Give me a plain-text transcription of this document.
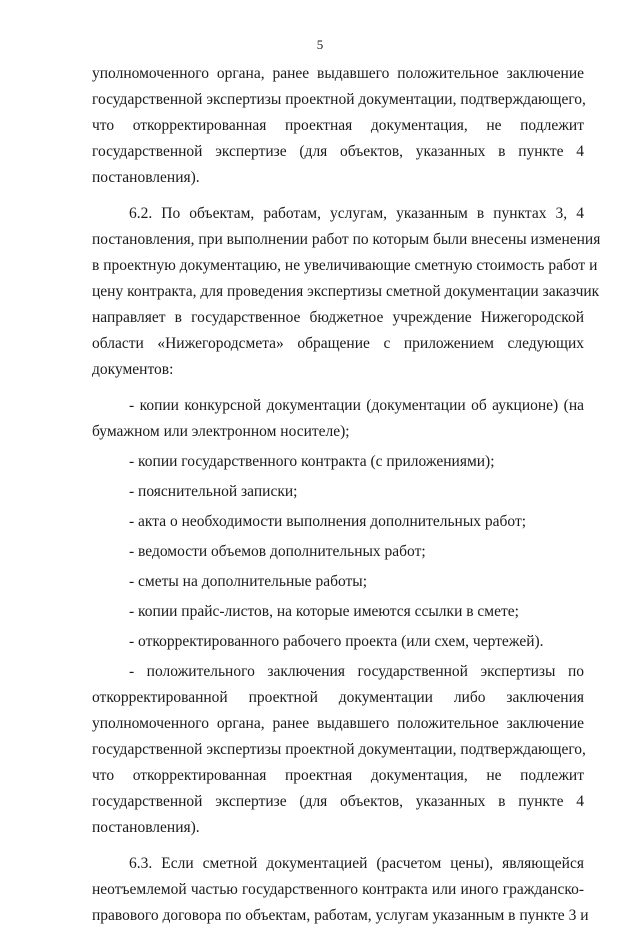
5
уполномоченного органа, ранее выдавшего положительное заключение
государственной экспертизы проектной документации, подтверждающего,
что откорректированная проектная документация, не подлежит
государственной экспертизе (для объектов, указанных в пункте 4
постановления).
6.2. По объектам, работам, услугам, указанным в пунктах 3, 4
постановления, при выполнении работ по которым были внесены изменения
в проектную документацию, не увеличивающие сметную стоимость работ и
цену контракта, для проведения экспертизы сметной документации заказчик
направляет в государственное бюджетное учреждение Нижегородской
области «Нижегородсмета» обращение с приложением следующих
документов:
- копии конкурсной документации (документации об аукционе) (на
бумажном или электронном носителе);
- копии государственного контракта (с приложениями);
- пояснительной записки;
- акта о необходимости выполнения дополнительных работ;
- ведомости объемов дополнительных работ;
- сметы на дополнительные работы;
- копии прайс-листов, на которые имеются ссылки в смете;
- откорректированного рабочего проекта (или схем, чертежей).
- положительного заключения государственной экспертизы по
откорректированной проектной документации либо заключения
уполномоченного органа, ранее выдавшего положительное заключение
государственной экспертизы проектной документации, подтверждающего,
что откорректированная проектная документация, не подлежит
государственной экспертизе (для объектов, указанных в пункте 4
постановления).
6.3. Если сметной документацией (расчетом цены), являющейся
неотъемлемой частью государственного контракта или иного гражданско-
правового договора по объектам, работам, услугам указанным в пункте 3 и
